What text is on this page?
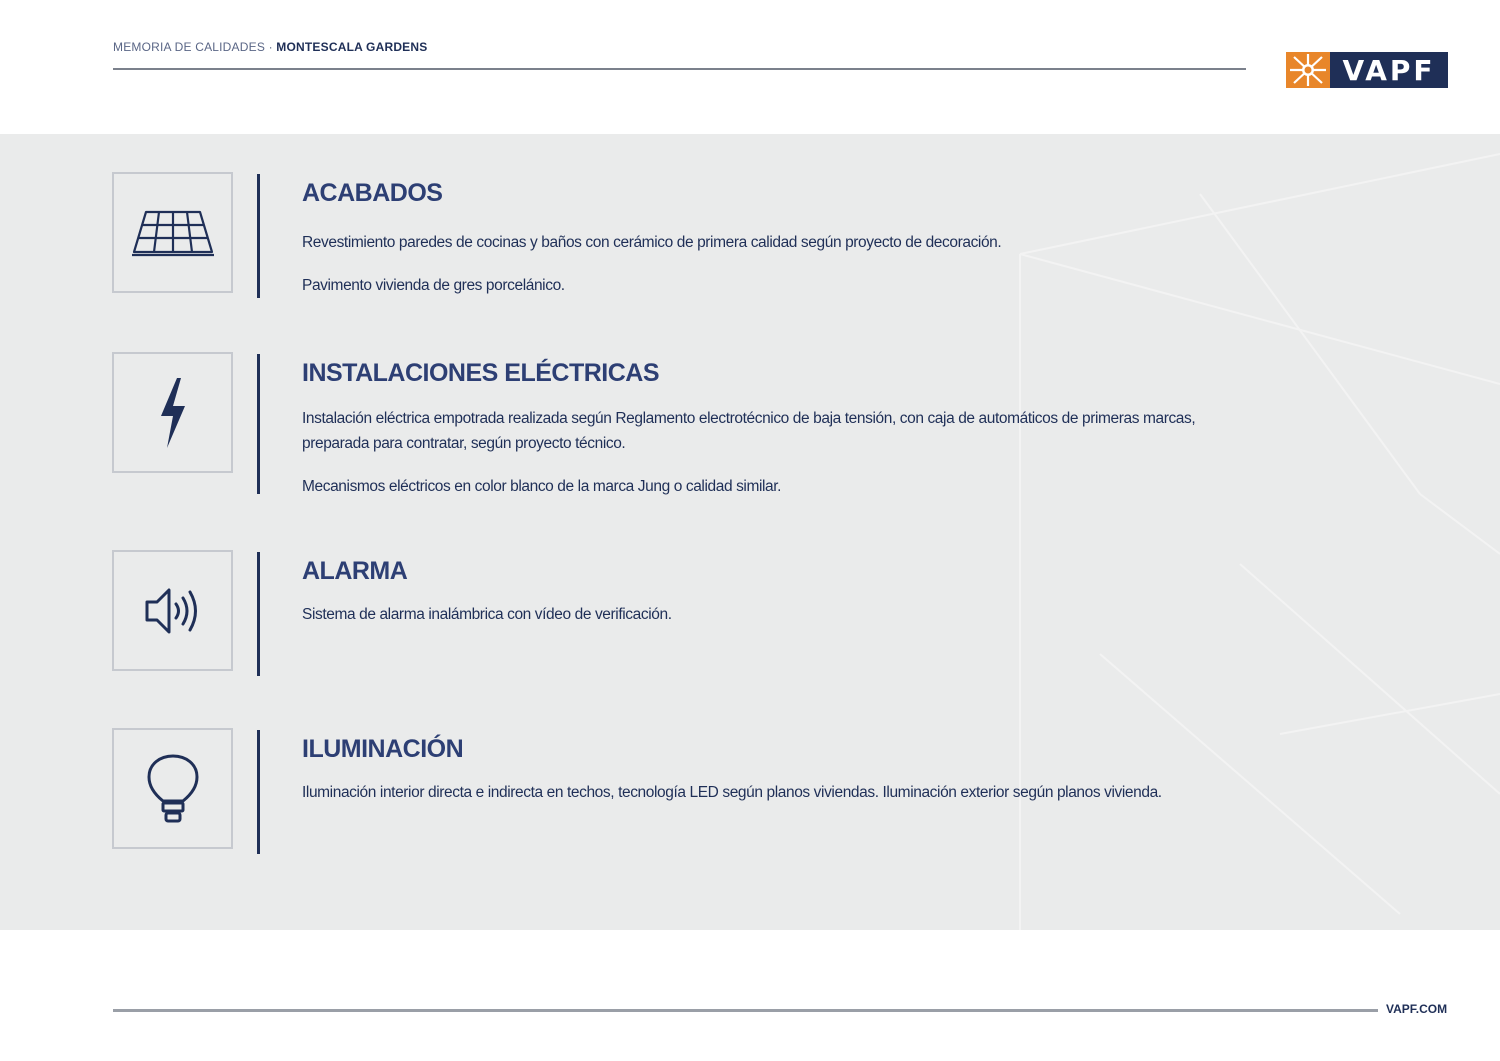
MEMORIA DE CALIDADES · MONTESCALA GARDENS
VAPF
ACABADOS

Revestimiento paredes de cocinas y baños con cerámico de primera calidad según proyecto de decoración.

Pavimento vivienda de gres porcelánico.

INSTALACIONES ELÉCTRICAS

Instalación eléctrica empotrada realizada según Reglamento electrotécnico de baja tensión, con caja de automáticos de primeras marcas, preparada para contratar, según proyecto técnico.

Mecanismos eléctricos en color blanco de la marca Jung o calidad similar.

ALARMA

Sistema de alarma inalámbrica con vídeo de verificación.

ILUMINACIÓN

Iluminación interior directa e indirecta en techos, tecnología LED según planos viviendas. Iluminación exterior según planos vivienda.

VAPF.COM
